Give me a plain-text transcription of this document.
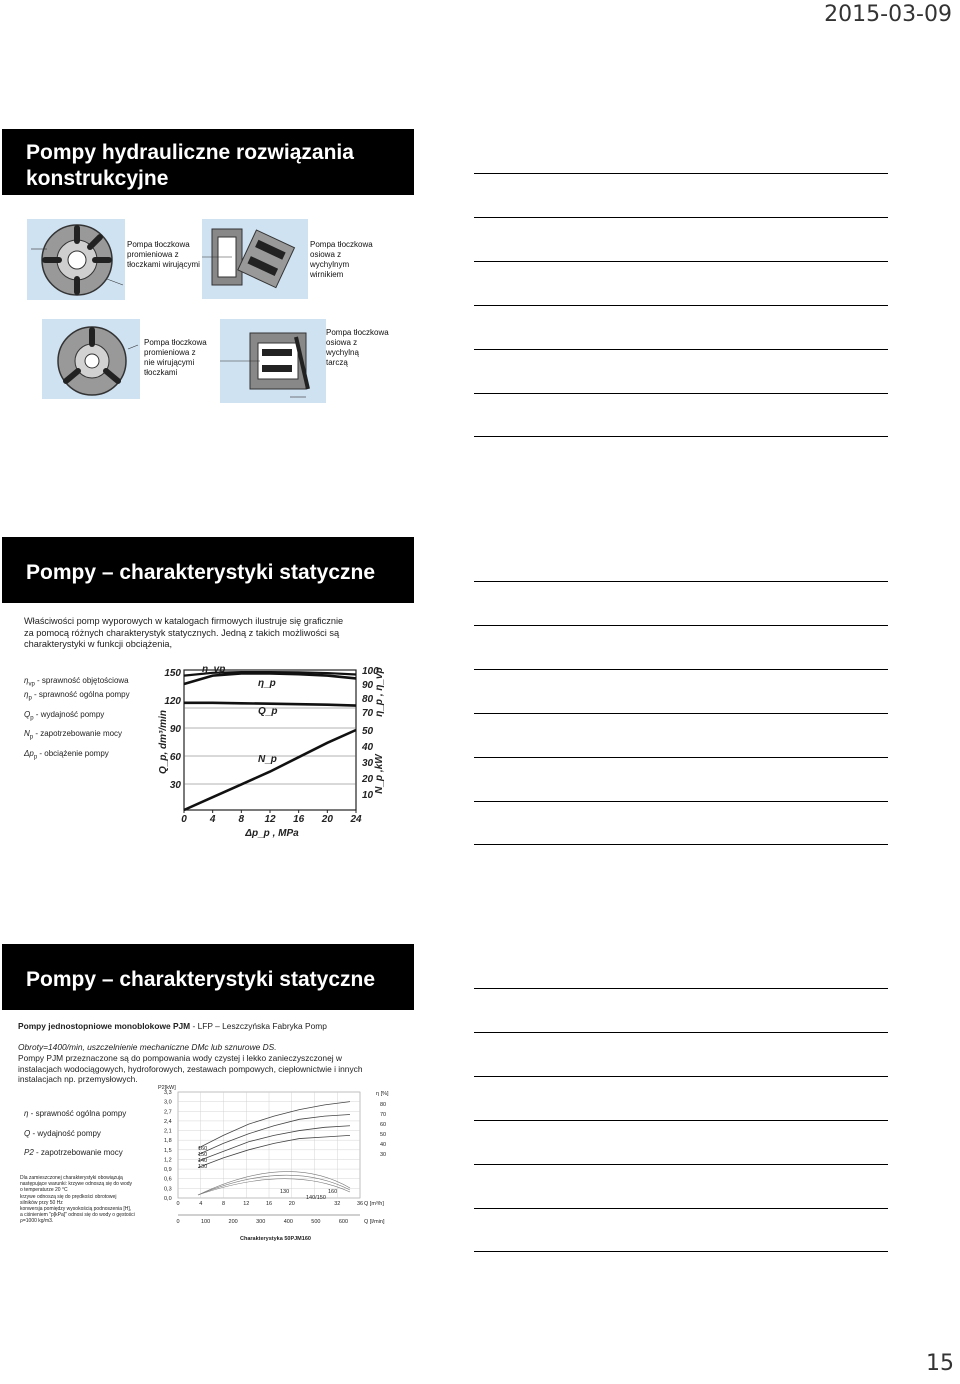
2015-03-09
Pompy hydrauliczne rozwiązania
konstrukcyjne
Pompa tłoczkowa
promieniowa z
tłoczkami wirującymi
Pompa tłoczkowa
osiowa z
wychylnym
wirnikiem
Pompa tłoczkowa
promieniowa z
nie wirującymi
tłoczkami
Pompa tłoczkowa
osiowa z
wychylną
tarczą
Pompy – charakterystyki statyczne
Właściwości pomp wyporowych w katalogach firmowych ilustruje się graficznie
za pomocą różnych charakterystyk statycznych. Jedną z takich możliwości są
charakterystyki w funkcji obciążenia,
$\eta_{vp}$ - sprawność objętościowa
$\eta_p$ - sprawność ogólna pompy
$Q_p$ - wydajność pompy
$N_p$ - zapotrzebowanie mocy
$\Delta p_p$ - obciążenie pompy
0 4 8 12 16 20 24
Δp_p , MPa
150
120
90
60
30
Q_p, dm³/min
100
90
80
70 η_p , η_vp
50
40
30
20
10
N_p ,kW
η_vp
η_p
Q_p
N_p
Pompy – charakterystyki statyczne
Pompy jednostopniowe monoblokowe PJM - LFP – Leszczyńska Fabryka Pomp
Obroty=1400/min, uszczelnienie mechaniczne DMc lub sznurowe DS.
Pompy PJM przeznaczone są do pompowania wody czystej i lekko zanieczyszczonej w
instalacjach wodociągowych, hydroforowych, zestawach pompowych, ciepłownictwie i innych
instalacjach np. przemysłowych.
η - sprawność ogólna pompy
Q - wydajność pompy
P2 - zapotrzebowanie mocy
Dla zamieszczonej charakterystyki obowiązują
następujące warunki: krzywe odnoszą się do wody
o temperaturze 20 °C
krzywe odnoszą się do prędkości obrotowej
silników przy 50 Hz
konwersja pomiędzy wysokością podnoszenia [H],
a ciśnieniem "p[kPa]" odnosi się do wody o gęstości
ρ=1000 kg/m3.
3,3
3,0
2,7
2,4
2,1
1,8
1,5
1,2
0,9
0,6
0,3
0,0
P2[kW]
0	4	8	12	16	20	32	36 Q [m³/h]
0	100	200	300	400	500	600	Q [l/min]
η [%]
80
70
60
50
40
30
160
150
140
130
130
140/150
160
Charakterystyka 50PJM160
15
